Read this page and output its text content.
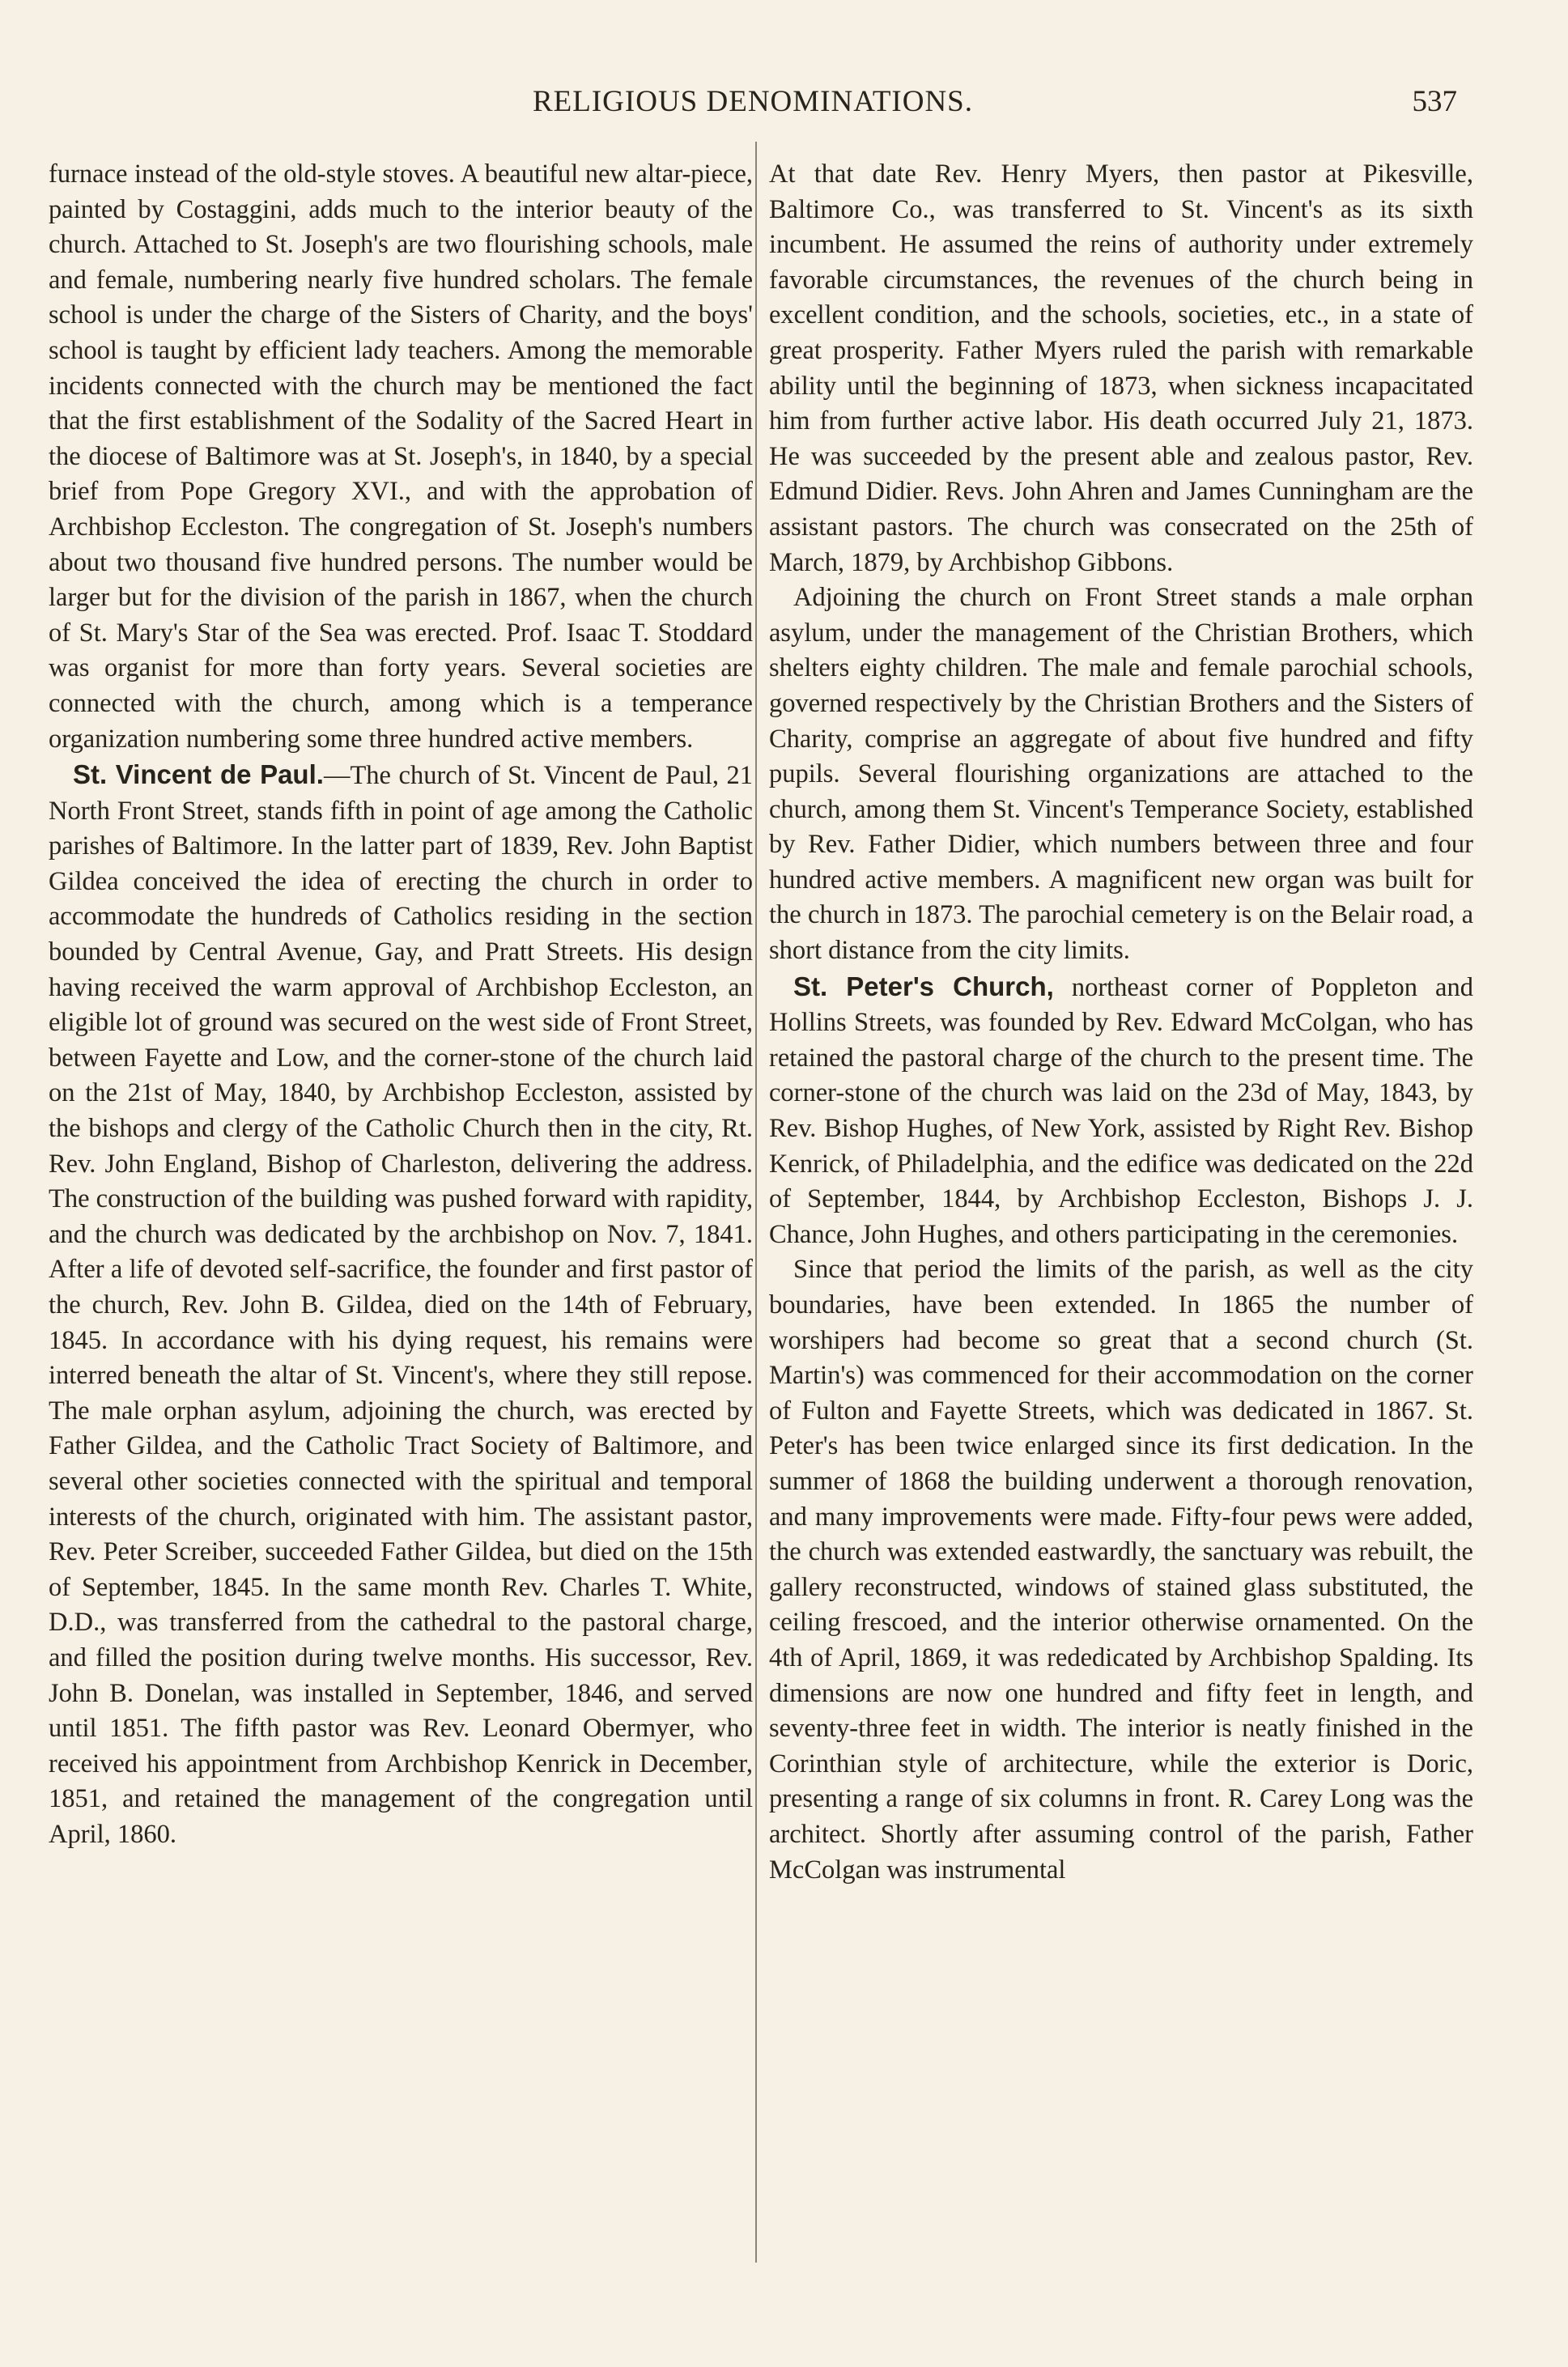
RELIGIOUS DENOMINATIONS.	537

furnace instead of the old-style stoves. A beautiful new altar-piece, painted by Costaggini, adds much to the interior beauty of the church. Attached to St. Joseph's are two flourishing schools, male and female, numbering nearly five hundred scholars. The female school is under the charge of the Sisters of Charity, and the boys' school is taught by efficient lady teachers. Among the memorable incidents connected with the church may be mentioned the fact that the first establishment of the Sodality of the Sacred Heart in the diocese of Baltimore was at St. Joseph's, in 1840, by a special brief from Pope Gregory XVI., and with the approbation of Archbishop Eccleston. The congregation of St. Joseph's numbers about two thousand five hundred persons. The number would be larger but for the division of the parish in 1867, when the church of St. Mary's Star of the Sea was erected. Prof. Isaac T. Stoddard was organist for more than forty years. Several societies are connected with the church, among which is a temperance organization numbering some three hundred active members.

St. Vincent de Paul.—The church of St. Vincent de Paul, 21 North Front Street, stands fifth in point of age among the Catholic parishes of Baltimore. In the latter part of 1839, Rev. John Baptist Gildea conceived the idea of erecting the church in order to accommodate the hundreds of Catholics residing in the section bounded by Central Avenue, Gay, and Pratt Streets. His design having received the warm approval of Archbishop Eccleston, an eligible lot of ground was secured on the west side of Front Street, between Fayette and Low, and the corner-stone of the church laid on the 21st of May, 1840, by Archbishop Eccleston, assisted by the bishops and clergy of the Catholic Church then in the city, Rt. Rev. John England, Bishop of Charleston, delivering the address. The construction of the building was pushed forward with rapidity, and the church was dedicated by the archbishop on Nov. 7, 1841. After a life of devoted self-sacrifice, the founder and first pastor of the church, Rev. John B. Gildea, died on the 14th of February, 1845. In accordance with his dying request, his remains were interred beneath the altar of St. Vincent's, where they still repose. The male orphan asylum, adjoining the church, was erected by Father Gildea, and the Catholic Tract Society of Baltimore, and several other societies connected with the spiritual and temporal interests of the church, originated with him. The assistant pastor, Rev. Peter Screiber, succeeded Father Gildea, but died on the 15th of September, 1845. In the same month Rev. Charles T. White, D.D., was transferred from the cathedral to the pastoral charge, and filled the position during twelve months. His successor, Rev. John B. Donelan, was installed in September, 1846, and served until 1851. The fifth pastor was Rev. Leonard Obermyer, who received his appointment from Archbishop Kenrick in December, 1851, and retained the management of the congregation until April, 1860.

At that date Rev. Henry Myers, then pastor at Pikesville, Baltimore Co., was transferred to St. Vincent's as its sixth incumbent. He assumed the reins of authority under extremely favorable circumstances, the revenues of the church being in excellent condition, and the schools, societies, etc., in a state of great prosperity. Father Myers ruled the parish with remarkable ability until the beginning of 1873, when sickness incapacitated him from further active labor. His death occurred July 21, 1873. He was succeeded by the present able and zealous pastor, Rev. Edmund Didier. Revs. John Ahren and James Cunningham are the assistant pastors. The church was consecrated on the 25th of March, 1879, by Archbishop Gibbons.

Adjoining the church on Front Street stands a male orphan asylum, under the management of the Christian Brothers, which shelters eighty children. The male and female parochial schools, governed respectively by the Christian Brothers and the Sisters of Charity, comprise an aggregate of about five hundred and fifty pupils. Several flourishing organizations are attached to the church, among them St. Vincent's Temperance Society, established by Rev. Father Didier, which numbers between three and four hundred active members. A magnificent new organ was built for the church in 1873. The parochial cemetery is on the Belair road, a short distance from the city limits.

St. Peter's Church, northeast corner of Poppleton and Hollins Streets, was founded by Rev. Edward McColgan, who has retained the pastoral charge of the church to the present time. The corner-stone of the church was laid on the 23d of May, 1843, by Rev. Bishop Hughes, of New York, assisted by Right Rev. Bishop Kenrick, of Philadelphia, and the edifice was dedicated on the 22d of September, 1844, by Archbishop Eccleston, Bishops J. J. Chance, John Hughes, and others participating in the ceremonies.

Since that period the limits of the parish, as well as the city boundaries, have been extended. In 1865 the number of worshipers had become so great that a second church (St. Martin's) was commenced for their accommodation on the corner of Fulton and Fayette Streets, which was dedicated in 1867. St. Peter's has been twice enlarged since its first dedication. In the summer of 1868 the building underwent a thorough renovation, and many improvements were made. Fifty-four pews were added, the church was extended eastwardly, the sanctuary was rebuilt, the gallery reconstructed, windows of stained glass substituted, the ceiling frescoed, and the interior otherwise ornamented. On the 4th of April, 1869, it was rededicated by Archbishop Spalding. Its dimensions are now one hundred and fifty feet in length, and seventy-three feet in width. The interior is neatly finished in the Corinthian style of architecture, while the exterior is Doric, presenting a range of six columns in front. R. Carey Long was the architect. Shortly after assuming control of the parish, Father McColgan was instrumental
